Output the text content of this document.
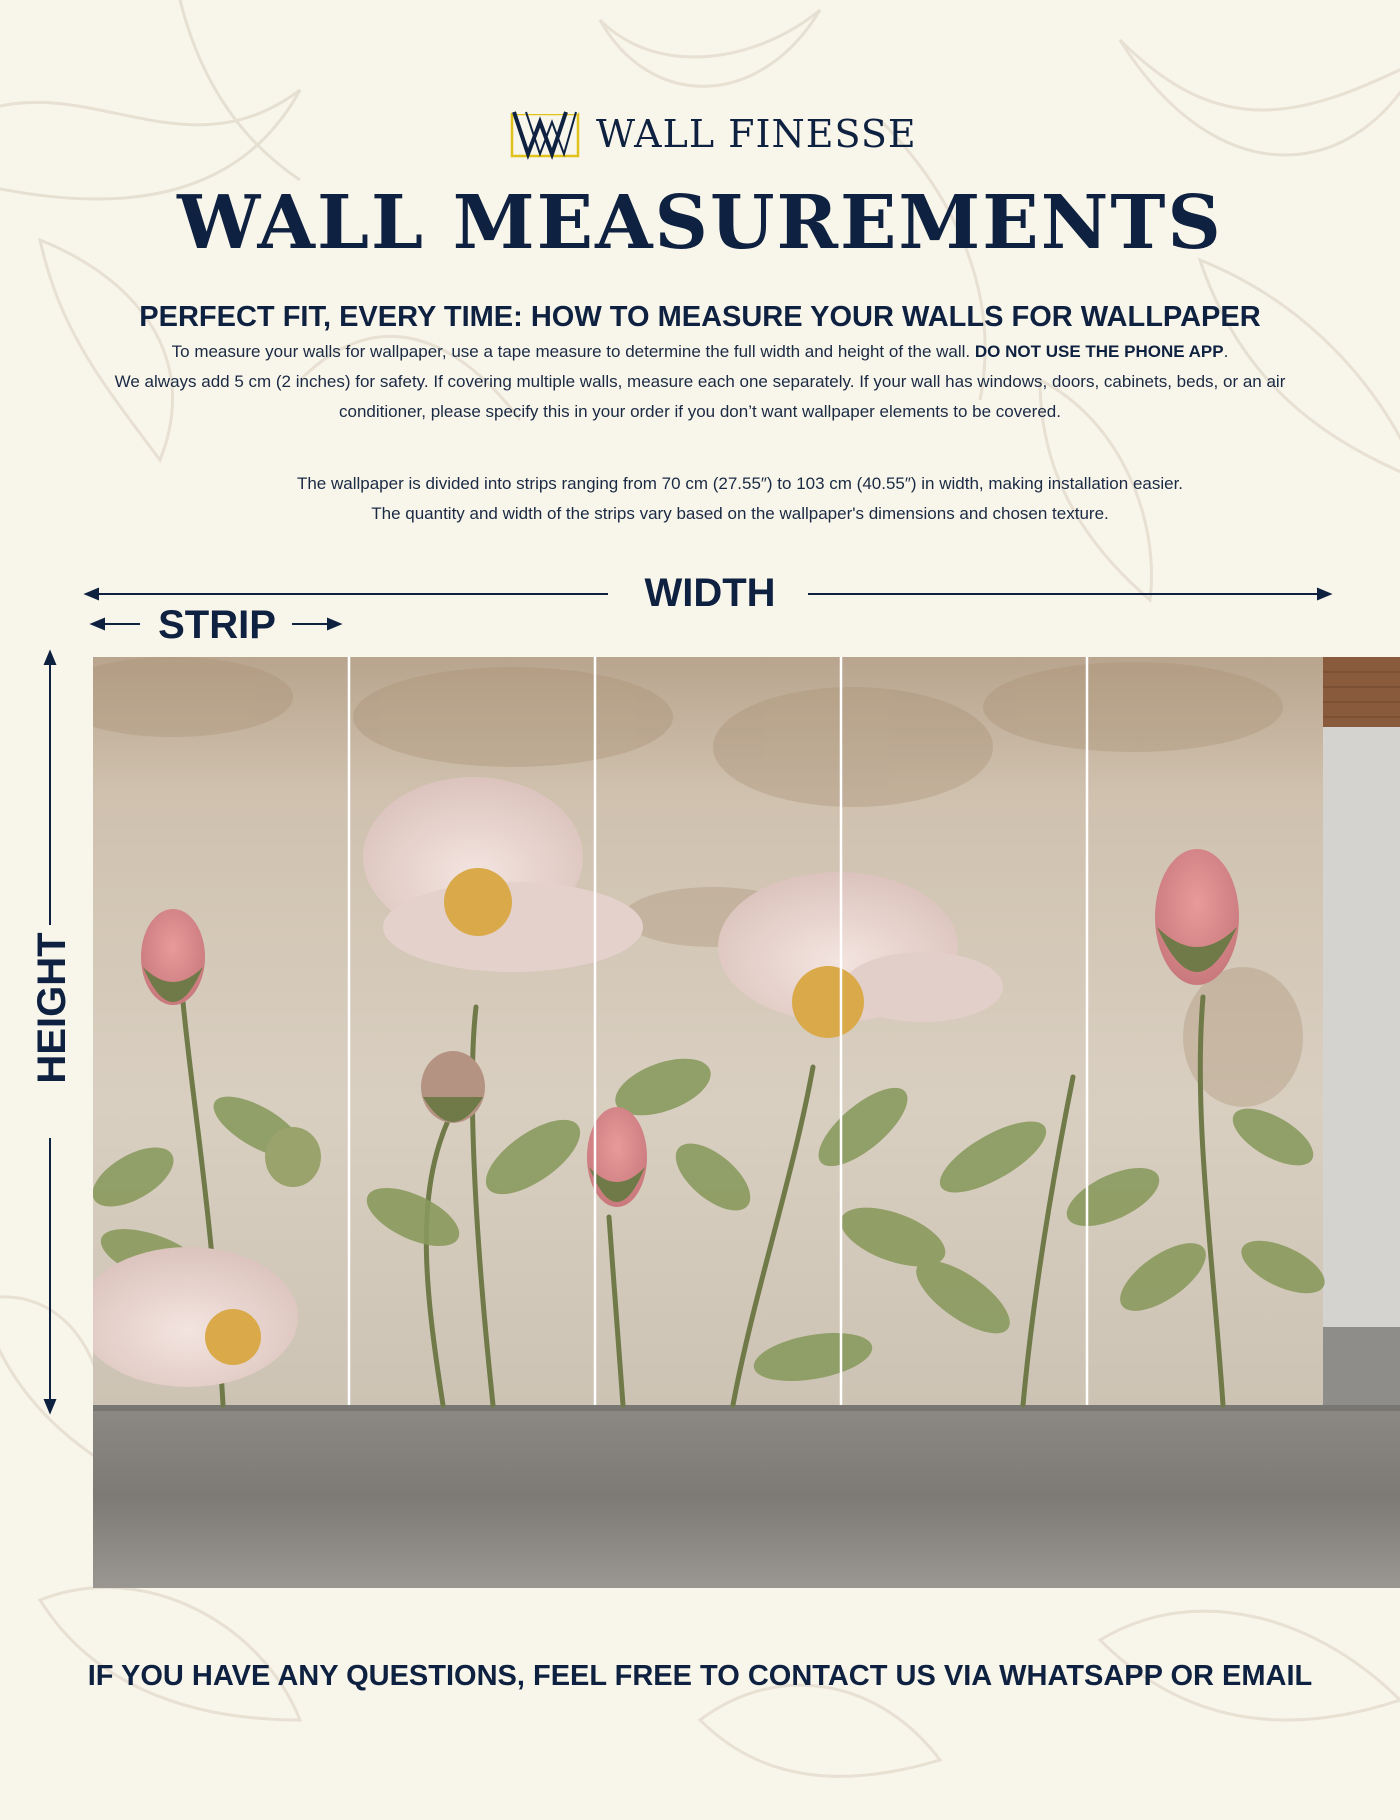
WALL FINESSE
WALL MEASUREMENTS
PERFECT FIT, EVERY TIME: HOW TO MEASURE YOUR WALLS FOR WALLPAPER
To measure your walls for wallpaper, use a tape measure to determine the full width and height of the wall. DO NOT USE THE PHONE APP.
We always add 5 cm (2 inches) for safety. If covering multiple walls, measure each one separately. If your wall has windows, doors, cabinets, beds, or an air conditioner, please specify this in your order if you don’t want wallpaper elements to be covered.
The wallpaper is divided into strips ranging from 70 cm (27.55″) to 103 cm (40.55″) in width, making installation easier.
The quantity and width of the strips vary based on the wallpaper's dimensions and chosen texture.
WIDTH
STRIP
HEIGHT
IF YOU HAVE ANY QUESTIONS, FEEL FREE TO CONTACT US VIA WHATSAPP OR EMAIL
